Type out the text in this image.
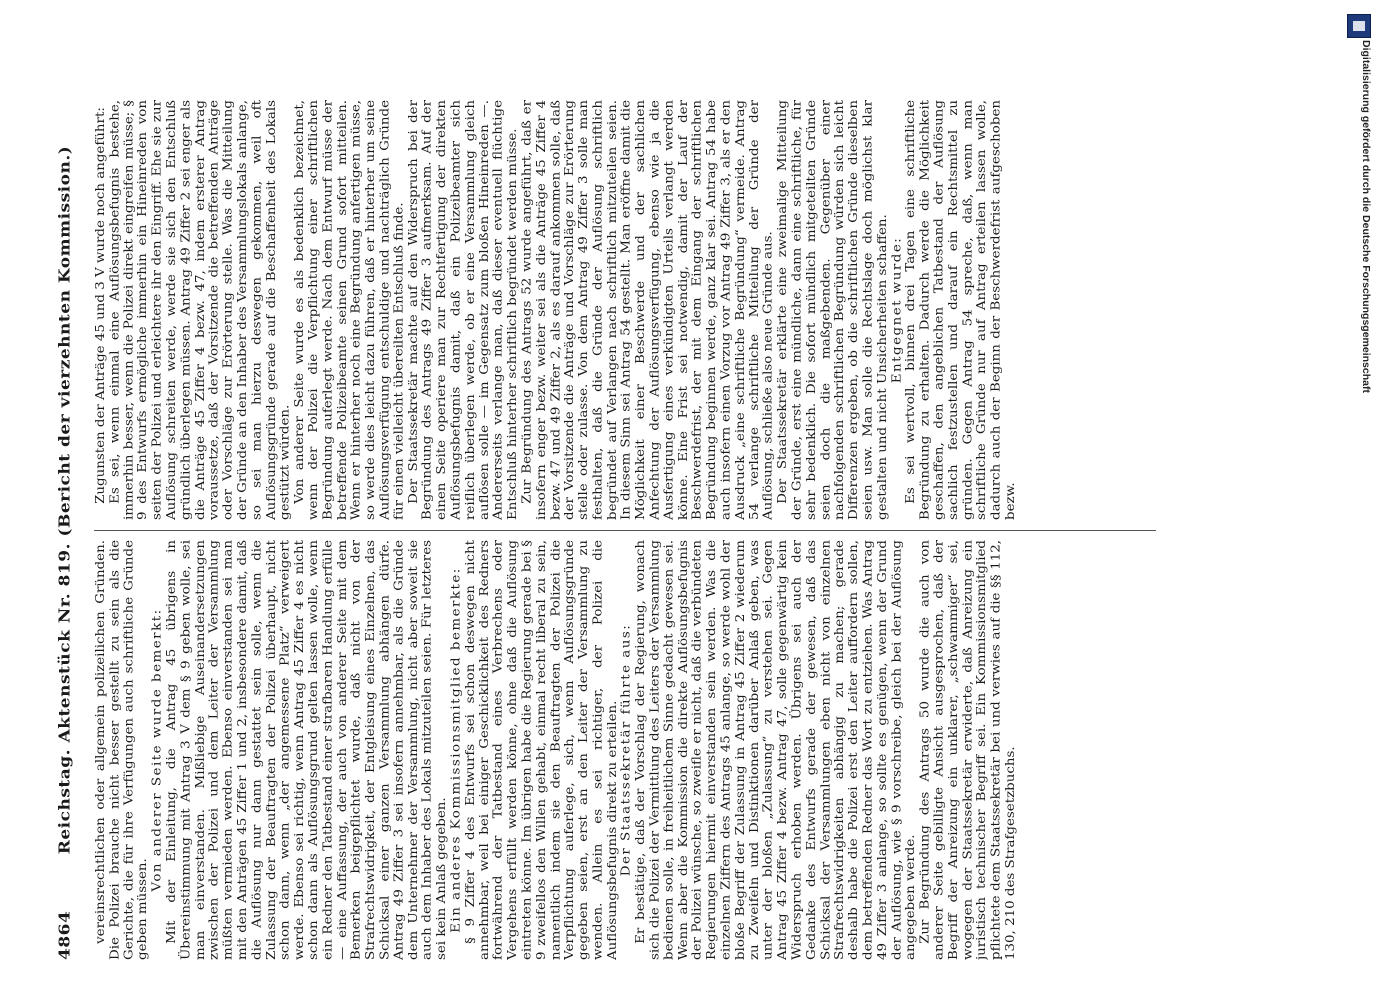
4864
Reichstag. Aktenstück Nr. 819. (Bericht der vierzehnten Kommission.) vereinsrechtlichen oder allgemein polizeilichen Gründen. Die Polizei brauche nicht besser gestellt zu sein als die Gerichte, die für ihre Verfügungen auch schriftliche Gründe geben müssen.

Von anderer Seite wurde bemerkt: Mit der Einleitung, die Antrag 45 übrigens in Übereinstimmung mit Antrag 3 V dem § 9 geben wolle, sei man einverstanden. Mißliebige Auseinandersetzungen zwischen der Polizei und dem Leiter der Versammlung müßten vermieden werden. Ebenso einverstanden sei man mit den Anträgen 45 Ziffer 1 und 2, insbesondere damit, daß die Auflösung nur dann gestattet sein solle, wenn die Zulassung der Beauftragten der Polizei überhaupt, nicht schon dann, wenn „der angemessene Platz“ verweigert werde. Ebenso sei richtig, wenn Antrag 45 Ziffer 4 es nicht schon dann als Auflösungsgrund gelten lassen wolle, wenn ein Redner den Tatbestand einer strafbaren Handlung erfülle — eine Auffassung, der auch von anderer Seite mit dem Bemerken beigepflichtet wurde, daß nicht von der Strafrechtswidrigkeit, der Entgleisung eines Einzelnen, das Schicksal einer ganzen Versammlung abhängen dürfe. Antrag 49 Ziffer 3 sei insofern annehmbar, als die Gründe dem Unternehmer der Versammlung, nicht aber soweit sie auch dem Inhaber des Lokals mitzuteilen seien. Für letzteres sei kein Anlaß gegeben. Ein anderes Kommissionsmitglied bemerkte: § 9 Ziffer 4 des Entwurfs sei schon deswegen nicht annehmbar, weil bei einiger Geschicklichkeit des Redners fortwährend der Tatbestand eines Verbrechens oder Vergehens erfüllt werden könne, ohne daß die Auflösung eintreten könne. Im übrigen habe die Regierung gerade bei § 9 zweifellos den Willen gehabt, einmal recht liberal zu sein, namentlich indem sie den Beauftragten der Polizei die Verpflichtung auferlege, sich, wenn Auflösungsgründe gegeben seien, erst an den Leiter der Versammlung zu wenden. Allein es sei richtiger, der Polizei die Auflösungsbefugnis direkt zu erteilen. Der Staatssekretär führte aus: Er bestätige, daß der Vorschlag der Regierung, wonach sich die Polizei der Vermittlung des Leiters der Versammlung bedienen solle, in freiheitlichem Sinne gedacht gewesen sei. Wenn aber die Kommission die direkte Auflösungsbefugnis der Polizei wünsche, so zweifle er nicht, daß die verbündeten Regierungen hiermit einverstanden sein werden. Was die einzelnen Ziffern des Antrags 45 anlange, so werde wohl der bloße Begriff der Zulassung in Antrag 45 Ziffer 2 wiederum zu Zweifeln und Distinktionen darüber Anlaß geben, was unter der bloßen „Zulassung“ zu verstehen sei. Gegen Antrag 45 Ziffer 4 bezw. Antrag 47, solle gegenwärtig kein Widerspruch erhoben werden. Übrigens sei auch der Gedanke des Entwurfs gerade der gewesen, daß das Schicksal der Versammlungen eben nicht von einzelnen Strafrechtswidrigkeiten abhängig zu machen; gerade deshalb habe die Polizei erst den Leiter auffordern sollen, dem betreffenden Redner das Wort zu entziehen. Was Antrag 49 Ziffer 3 anlange, so sollte es genügen, wenn der Grund der Auflösung, wie § 9 vorschreibe, gleich bei der Auflösung angegeben werde. Zur Begründung des Antrags 50 wurde die auch von anderer Seite gebilligte Ansicht ausgesprochen, daß der Begriff der Anreizung ein unklarer, „schwammiger“ sei, wogegen der Staatssekretär erwiderte, daß Anreizung ein juristisch technischer Begriff sei. Ein Kommissionsmitglied pflichtete dem Staatssekretär bei und verwies auf die §§ 112, 130, 210 des Strafgesetzbuchs.

Zugunsten der Anträge 45 und 3 V wurde noch angeführt: Es sei, wenn einmal eine Auflösungsbefugnis bestehe, immerhin besser, wenn die Polizei direkt eingreifen müsse; § 9 des Entwurfs ermögliche immerhin ein Hineinreden von seiten der Polizei und erleichtere ihr den Eingriff. Ehe sie zur Auflösung schreiten werde, werde sie sich den Entschluß gründlich überlegen müssen. Antrag 49 Ziffer 2 sei enger als die Anträge 45 Ziffer 4 bezw. 47, indem ersterer Antrag voraussetze, daß der Vorsitzende die betreffenden Anträge oder Vorschläge zur Erörterung stelle. Was die Mitteilung der Gründe an den Inhaber des Versammlungslokals anlange, so sei man hierzu deswegen gekommen, weil oft Auflösungsgründe gerade auf die Beschaffenheit des Lokals gestützt würden. Von anderer Seite wurde es als bedenklich bezeichnet, wenn der Polizei die Verpflichtung einer schriftlichen Begründung auferlegt werde. Nach dem Entwurf müsse der betreffende Polizeibeamte seinen Grund sofort mitteilen. Wenn er hinterher noch eine Begründung anfertigen müsse, so werde dies leicht dazu führen, daß er hinterher um seine Auflösungsverfügung entschuldige und nachträglich Gründe für einen vielleicht übereilten Entschluß finde. Der Staatssekretär machte auf den Widerspruch bei der Begründung des Antrags 49 Ziffer 3 aufmerksam. Auf der einen Seite operiere man zur Rechtfertigung der direkten Auflösungsbefugnis damit, daß ein Polizeibeamter sich reiflich überlegen werde, ob er eine Versammlung gleich auflösen solle — im Gegensatz zum bloßen Hineinreden —. Andererseits verlange man, daß dieser eventuell flüchtige Entschluß hinterher schriftlich begründet werden müsse. Zur Begründung des Antrags 52 wurde angeführt, daß er insofern enger bezw. weiter sei als die Anträge 45 Ziffer 4 bezw. 47 und 49 Ziffer 2, als es darauf ankommen solle, daß der Vorsitzende die Anträge und Vorschläge zur Erörterung stelle oder zulasse. Von dem Antrag 49 Ziffer 3 solle man festhalten, daß die Gründe der Auflösung schriftlich begründet auf Verlangen nach schriftlich mitzuteilen seien. In diesem Sinn sei Antrag 54 gestellt. Man eröffne damit die Möglichkeit einer Beschwerde und der sachlichen Anfechtung der Auflösungsverfügung, ebenso wie ja die Ausfertigung eines verkündigten Urteils verlangt werden könne. Eine Frist sei notwendig, damit der Lauf der Beschwerdefrist, der mit dem Eingang der schriftlichen Begründung beginnen werde, ganz klar sei. Antrag 54 habe auch insofern einen Vorzug vor Antrag 49 Ziffer 3, als er den Ausdruck „eine schriftliche Begründung“ vermeide. Antrag 54 verlange schriftliche Mitteilung der Gründe der Auflösung, schließe also neue Gründe aus. Der Staatssekretär erklärte eine zweimalige Mitteilung der Gründe, erst eine mündliche, dann eine schriftliche, für sehr bedenklich. Die sofort mündlich mitgeteilten Gründe seien doch die maßgebenden. Gegenüber einer nachfolgenden schriftlichen Begründung würden sich leicht Differenzen ergeben, ob die schriftlichen Gründe dieselben seien usw. Man solle die Rechtslage doch möglichst klar gestalten und nicht Unsicherheiten schaffen. Entgegnet wurde: Es sei wertvoll, binnen drei Tagen eine schriftliche Begründung zu erhalten. Dadurch werde die Möglichkeit geschaffen, den angeblichen Tatbestand der Auflösung sachlich festzustellen und darauf ein Rechtsmittel zu gründen. Gegen Antrag 54 spreche, daß, wenn man schriftliche Gründe nur auf Antrag erteilen lassen wolle, dadurch auch der Beginn der Beschwerdefrist aufgeschoben bezw.

Digitalisierung gefördert durch die Deutsche Forschungsgemeinschaft
